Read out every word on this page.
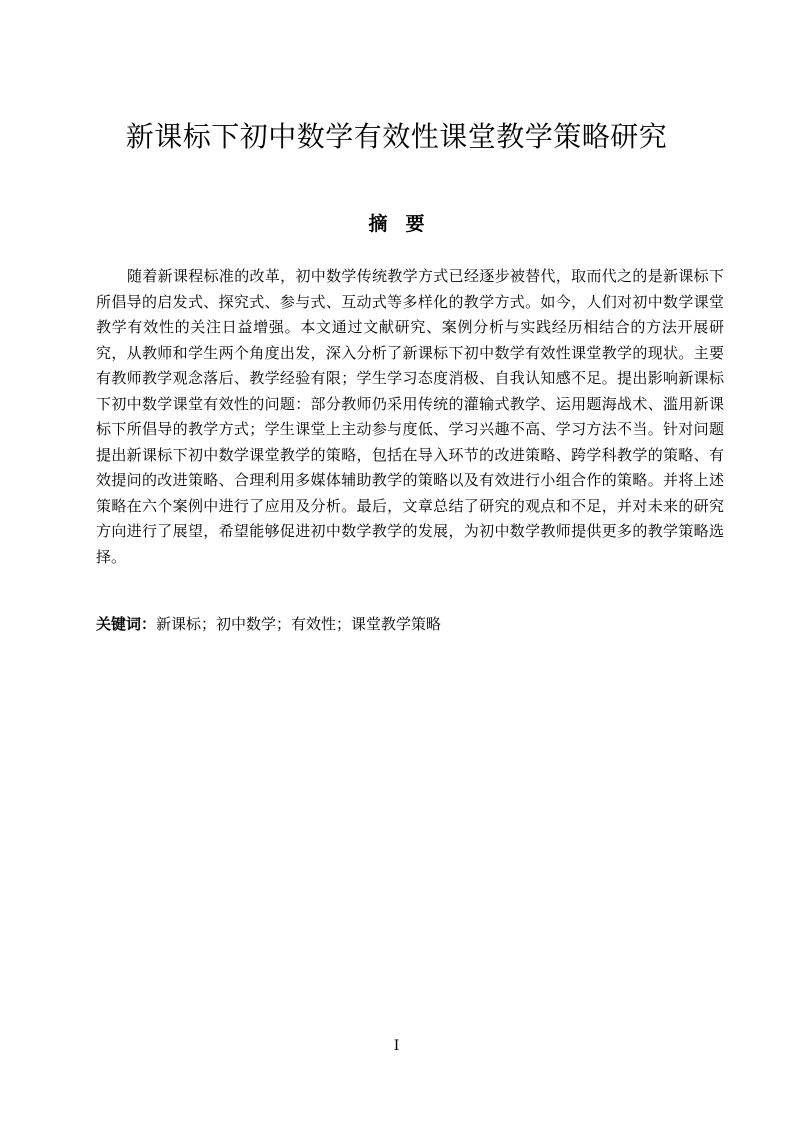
新课标下初中数学有效性课堂教学策略研究
摘要

随着新课程标准的改革，初中数学传统教学方式已经逐步被替代，取而代之的是新课标下所倡导的启发式、探究式、参与式、互动式等多样化的教学方式。如今，人们对初中数学课堂教学有效性的关注日益增强。本文通过文献研究、案例分析与实践经历相结合的方法开展研究，从教师和学生两个角度出发，深入分析了新课标下初中数学有效性课堂教学的现状。主要有教师教学观念落后、教学经验有限；学生学习态度消极、自我认知感不足。提出影响新课标下初中数学课堂有效性的问题：部分教师仍采用传统的灌输式教学、运用题海战术、滥用新课标下所倡导的教学方式；学生课堂上主动参与度低、学习兴趣不高、学习方法不当。针对问题提出新课标下初中数学课堂教学的策略，包括在导入环节的改进策略、跨学科教学的策略、有效提问的改进策略、合理利用多媒体辅助教学的策略以及有效进行小组合作的策略。并将上述策略在六个案例中进行了应用及分析。最后，文章总结了研究的观点和不足，并对未来的研究方向进行了展望，希望能够促进初中数学教学的发展，为初中数学教师提供更多的教学策略选择。

关键词：新课标；初中数学；有效性；课堂教学策略

I
